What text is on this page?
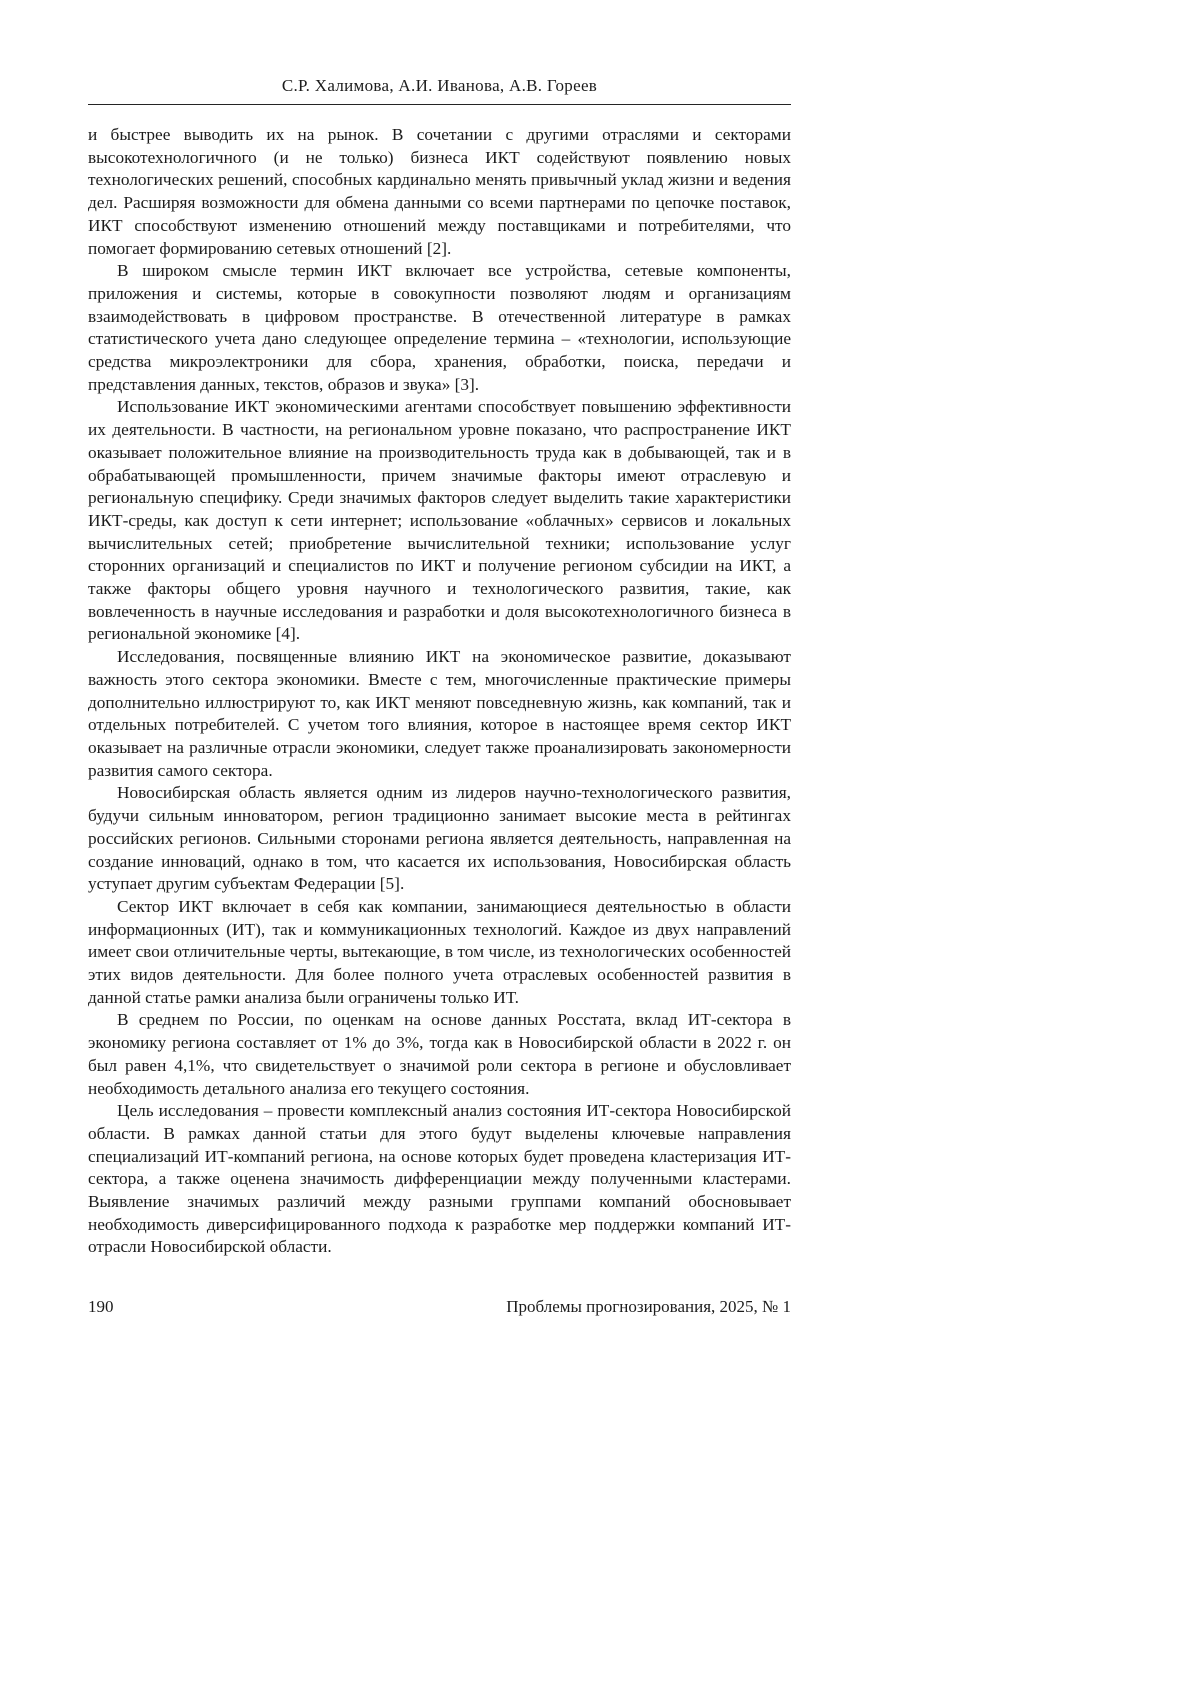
С.Р. Халимова, А.И. Иванова, А.В. Гореев

и быстрее выводить их на рынок. В сочетании с другими отраслями и секторами высокотехнологичного (и не только) бизнеса ИКТ содействуют появлению новых технологических решений, способных кардинально менять привычный уклад жизни и ведения дел. Расширяя возможности для обмена данными со всеми партнерами по цепочке поставок, ИКТ способствуют изменению отношений между поставщиками и потребителями, что помогает формированию сетевых отношений [2].

В широком смысле термин ИКТ включает все устройства, сетевые компоненты, приложения и системы, которые в совокупности позволяют людям и организациям взаимодействовать в цифровом пространстве. В отечественной литературе в рамках статистического учета дано следующее определение термина – «технологии, использующие средства микроэлектроники для сбора, хранения, обработки, поиска, передачи и представления данных, текстов, образов и звука» [3].

Использование ИКТ экономическими агентами способствует повышению эффективности их деятельности. В частности, на региональном уровне показано, что распространение ИКТ оказывает положительное влияние на производительность труда как в добывающей, так и в обрабатывающей промышленности, причем значимые факторы имеют отраслевую и региональную специфику. Среди значимых факторов следует выделить такие характеристики ИКТ-среды, как доступ к сети интернет; использование «облачных» сервисов и локальных вычислительных сетей; приобретение вычислительной техники; использование услуг сторонних организаций и специалистов по ИКТ и получение регионом субсидии на ИКТ, а также факторы общего уровня научного и технологического развития, такие, как вовлеченность в научные исследования и разработки и доля высокотехнологичного бизнеса в региональной экономике [4].

Исследования, посвященные влиянию ИКТ на экономическое развитие, доказывают важность этого сектора экономики. Вместе с тем, многочисленные практические примеры дополнительно иллюстрируют то, как ИКТ меняют повседневную жизнь, как компаний, так и отдельных потребителей. С учетом того влияния, которое в настоящее время сектор ИКТ оказывает на различные отрасли экономики, следует также проанализировать закономерности развития самого сектора.

Новосибирская область является одним из лидеров научно-технологического развития, будучи сильным инноватором, регион традиционно занимает высокие места в рейтингах российских регионов. Сильными сторонами региона является деятельность, направленная на создание инноваций, однако в том, что касается их использования, Новосибирская область уступает другим субъектам Федерации [5].

Сектор ИКТ включает в себя как компании, занимающиеся деятельностью в области информационных (ИТ), так и коммуникационных технологий. Каждое из двух направлений имеет свои отличительные черты, вытекающие, в том числе, из технологических особенностей этих видов деятельности. Для более полного учета отраслевых особенностей развития в данной статье рамки анализа были ограничены только ИТ.

В среднем по России, по оценкам на основе данных Росстата, вклад ИТ-сектора в экономику региона составляет от 1% до 3%, тогда как в Новосибирской области в 2022 г. он был равен 4,1%, что свидетельствует о значимой роли сектора в регионе и обусловливает необходимость детального анализа его текущего состояния.

Цель исследования – провести комплексный анализ состояния ИТ-сектора Новосибирской области. В рамках данной статьи для этого будут выделены ключевые направления специализаций ИТ-компаний региона, на основе которых будет проведена кластеризация ИТ-сектора, а также оценена значимость дифференциации между полученными кластерами. Выявление значимых различий между разными группами компаний обосновывает необходимость диверсифицированного подхода к разработке мер поддержки компаний ИТ-отрасли Новосибирской области.

190	Проблемы прогнозирования, 2025, № 1
